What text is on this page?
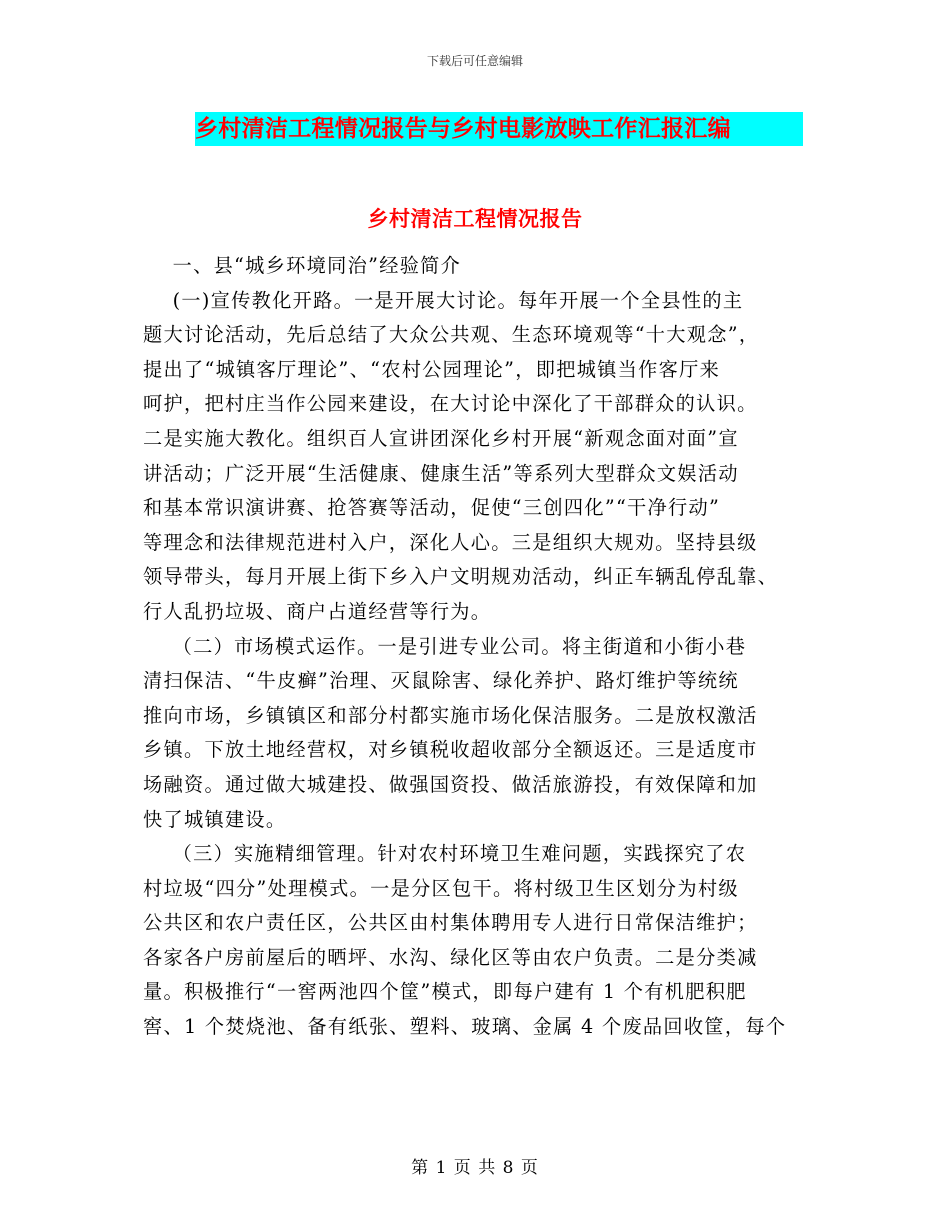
下载后可任意编辑
乡村清洁工程情况报告与乡村电影放映工作汇报汇编
乡村清洁工程情况报告
一、县“城乡环境同治”经验简介
(一)宣传教化开路。一是开展大讨论。每年开展一个全县性的主
题大讨论活动，先后总结了大众公共观、生态环境观等“十大观念”，
提出了“城镇客厅理论”、“农村公园理论”，即把城镇当作客厅来
呵护，把村庄当作公园来建设，在大讨论中深化了干部群众的认识。
二是实施大教化。组织百人宣讲团深化乡村开展“新观念面对面”宣
讲活动；广泛开展“生活健康、健康生活”等系列大型群众文娱活动
和基本常识演讲赛、抢答赛等活动，促使“三创四化”“干净行动”
等理念和法律规范进村入户，深化人心。三是组织大规劝。坚持县级
领导带头，每月开展上街下乡入户文明规劝活动，纠正车辆乱停乱靠、
行人乱扔垃圾、商户占道经营等行为。
（二）市场模式运作。一是引进专业公司。将主街道和小街小巷
清扫保洁、“牛皮癣”治理、灭鼠除害、绿化养护、路灯维护等统统
推向市场，乡镇镇区和部分村都实施市场化保洁服务。二是放权激活
乡镇。下放土地经营权，对乡镇税收超收部分全额返还。三是适度市
场融资。通过做大城建投、做强国资投、做活旅游投，有效保障和加
快了城镇建设。
（三）实施精细管理。针对农村环境卫生难问题，实践探究了农
村垃圾“四分”处理模式。一是分区包干。将村级卫生区划分为村级
公共区和农户责任区，公共区由村集体聘用专人进行日常保洁维护；
各家各户房前屋后的晒坪、水沟、绿化区等由农户负责。二是分类减
量。积极推行“一窖两池四个筐”模式，即每户建有 1 个有机肥积肥
窖、1 个焚烧池、备有纸张、塑料、玻璃、金属 4 个废品回收筐，每个
第 1 页 共 8 页
